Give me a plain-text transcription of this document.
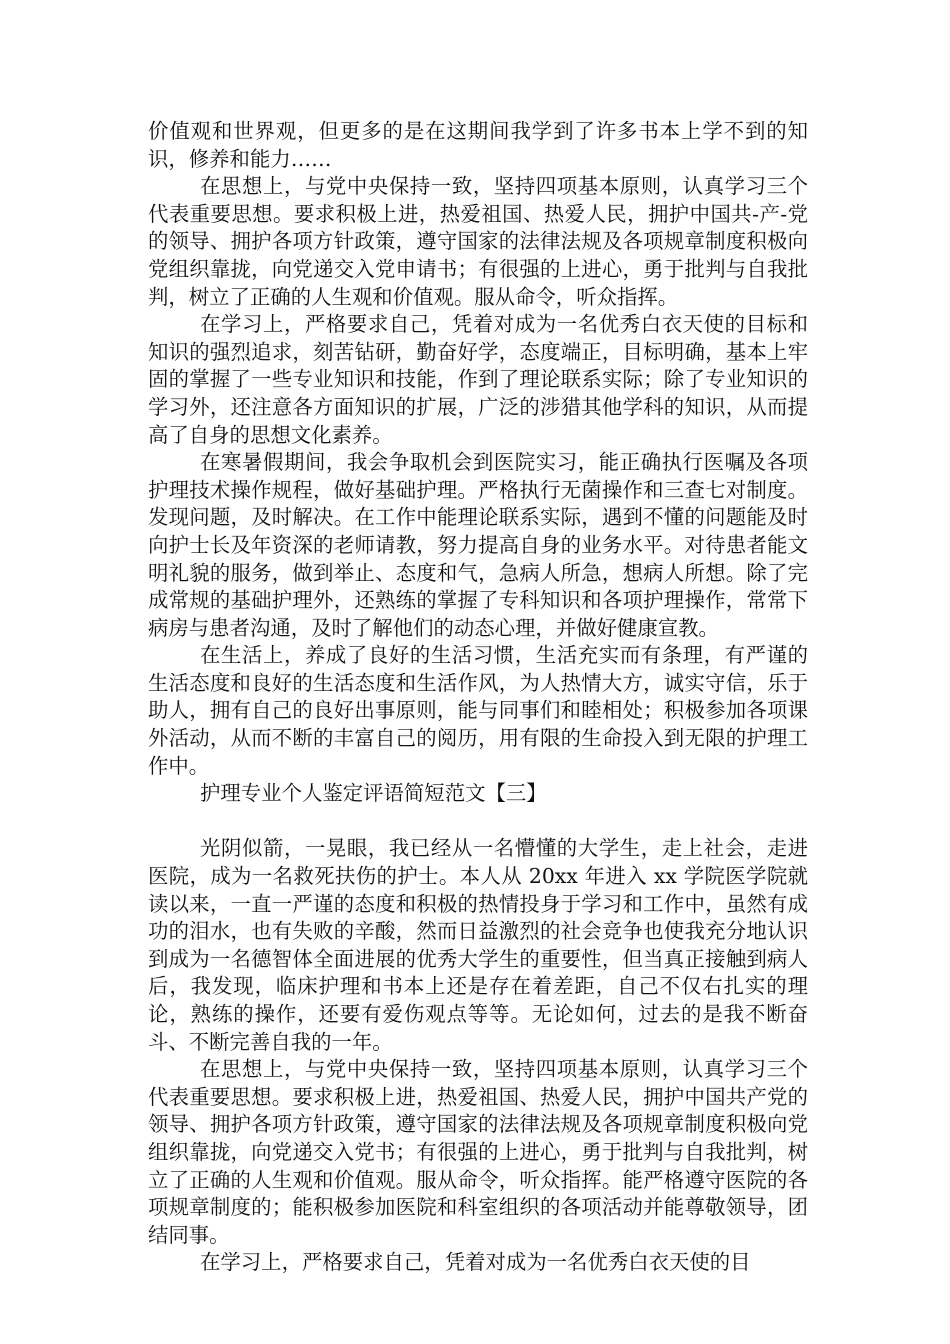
价值观和世界观，但更多的是在这期间我学到了许多书本上学不到的知识，修养和能力……

在思想上，与党中央保持一致，坚持四项基本原则，认真学习三个代表重要思想。要求积极上进，热爱祖国、热爱人民，拥护中国共-产-党的领导、拥护各项方针政策，遵守国家的法律法规及各项规章制度积极向党组织靠拢，向党递交入党申请书；有很强的上进心，勇于批判与自我批判，树立了正确的人生观和价值观。服从命令，听众指挥。

在学习上，严格要求自己，凭着对成为一名优秀白衣天使的目标和知识的强烈追求，刻苦钻研，勤奋好学，态度端正，目标明确，基本上牢固的掌握了一些专业知识和技能，作到了理论联系实际；除了专业知识的学习外，还注意各方面知识的扩展，广泛的涉猎其他学科的知识，从而提高了自身的思想文化素养。

在寒暑假期间，我会争取机会到医院实习，能正确执行医嘱及各项护理技术操作规程，做好基础护理。严格执行无菌操作和三查七对制度。发现问题，及时解决。在工作中能理论联系实际，遇到不懂的问题能及时向护士长及年资深的老师请教，努力提高自身的业务水平。对待患者能文明礼貌的服务，做到举止、态度和气，急病人所急，想病人所想。除了完成常规的基础护理外，还熟练的掌握了专科知识和各项护理操作，常常下病房与患者沟通，及时了解他们的动态心理，并做好健康宣教。

在生活上，养成了良好的生活习惯，生活充实而有条理，有严谨的生活态度和良好的生活态度和生活作风，为人热情大方，诚实守信，乐于助人，拥有自己的良好出事原则，能与同事们和睦相处；积极参加各项课外活动，从而不断的丰富自己的阅历，用有限的生命投入到无限的护理工作中。

护理专业个人鉴定评语简短范文【三】

光阴似箭，一晃眼，我已经从一名懵懂的大学生，走上社会，走进医院，成为一名救死扶伤的护士。本人从 20xx 年进入 xx 学院医学院就读以来，一直一严谨的态度和积极的热情投身于学习和工作中，虽然有成功的泪水，也有失败的辛酸，然而日益激烈的社会竞争也使我充分地认识到成为一名德智体全面进展的优秀大学生的重要性，但当真正接触到病人后，我发现，临床护理和书本上还是存在着差距，自己不仅右扎实的理论，熟练的操作，还要有爱伤观点等等。无论如何，过去的是我不断奋斗、不断完善自我的一年。

在思想上，与党中央保持一致，坚持四项基本原则，认真学习三个代表重要思想。要求积极上进，热爱祖国、热爱人民，拥护中国共产党的领导、拥护各项方针政策，遵守国家的法律法规及各项规章制度积极向党组织靠拢，向党递交入党书；有很强的上进心，勇于批判与自我批判，树立了正确的人生观和价值观。服从命令，听众指挥。能严格遵守医院的各项规章制度的；能积极参加医院和科室组织的各项活动并能尊敬领导，团结同事。

在学习上，严格要求自己，凭着对成为一名优秀白衣天使的目
